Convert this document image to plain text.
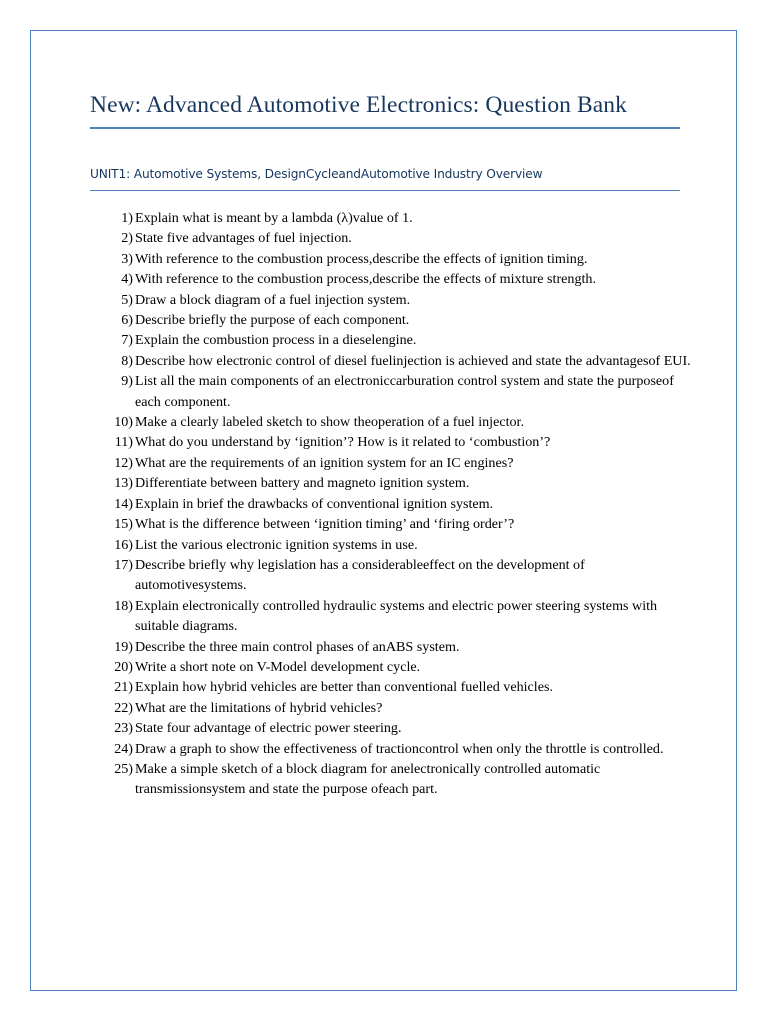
New: Advanced Automotive Electronics: Question Bank
UNIT1: Automotive Systems, DesignCycleandAutomotive Industry Overview
1) Explain what is meant by a lambda (λ)value of 1.
2) State five advantages of fuel injection.
3) With reference to the combustion process,describe the effects of ignition timing.
4) With reference to the combustion process,describe the effects of mixture strength.
5) Draw a block diagram of a fuel injection system.
6) Describe briefly the purpose of each component.
7) Explain the combustion process in a dieselengine.
8) Describe how electronic control of diesel fuelinjection is achieved and state the advantagesof EUI.
9) List all the main components of an electroniccarburation control system and state the purposeof each component.
10) Make a clearly labeled sketch to show theoperation of a fuel injector.
11) What do you understand by ‘ignition’? How is it related to ‘combustion’?
12) What are the requirements of an ignition system for an IC engines?
13) Differentiate between battery and magneto ignition system.
14) Explain in brief the drawbacks of conventional ignition system.
15) What is the difference between ‘ignition timing’ and ‘firing order’?
16) List the various electronic ignition systems in use.
17) Describe briefly why legislation has a considerableeffect on the development of automotivesystems.
18) Explain electronically controlled hydraulic systems and electric power steering systems with suitable diagrams.
19) Describe the three main control phases of anABS system.
20) Write a short note on V-Model development cycle.
21) Explain how hybrid vehicles are better than conventional fuelled vehicles.
22) What are the limitations of hybrid vehicles?
23) State four advantage of electric power steering.
24) Draw a graph to show the effectiveness of tractioncontrol when only the throttle is controlled.
25) Make a simple sketch of a block diagram for anelectronically controlled automatic transmissionsystem and state the purpose ofeach part.
